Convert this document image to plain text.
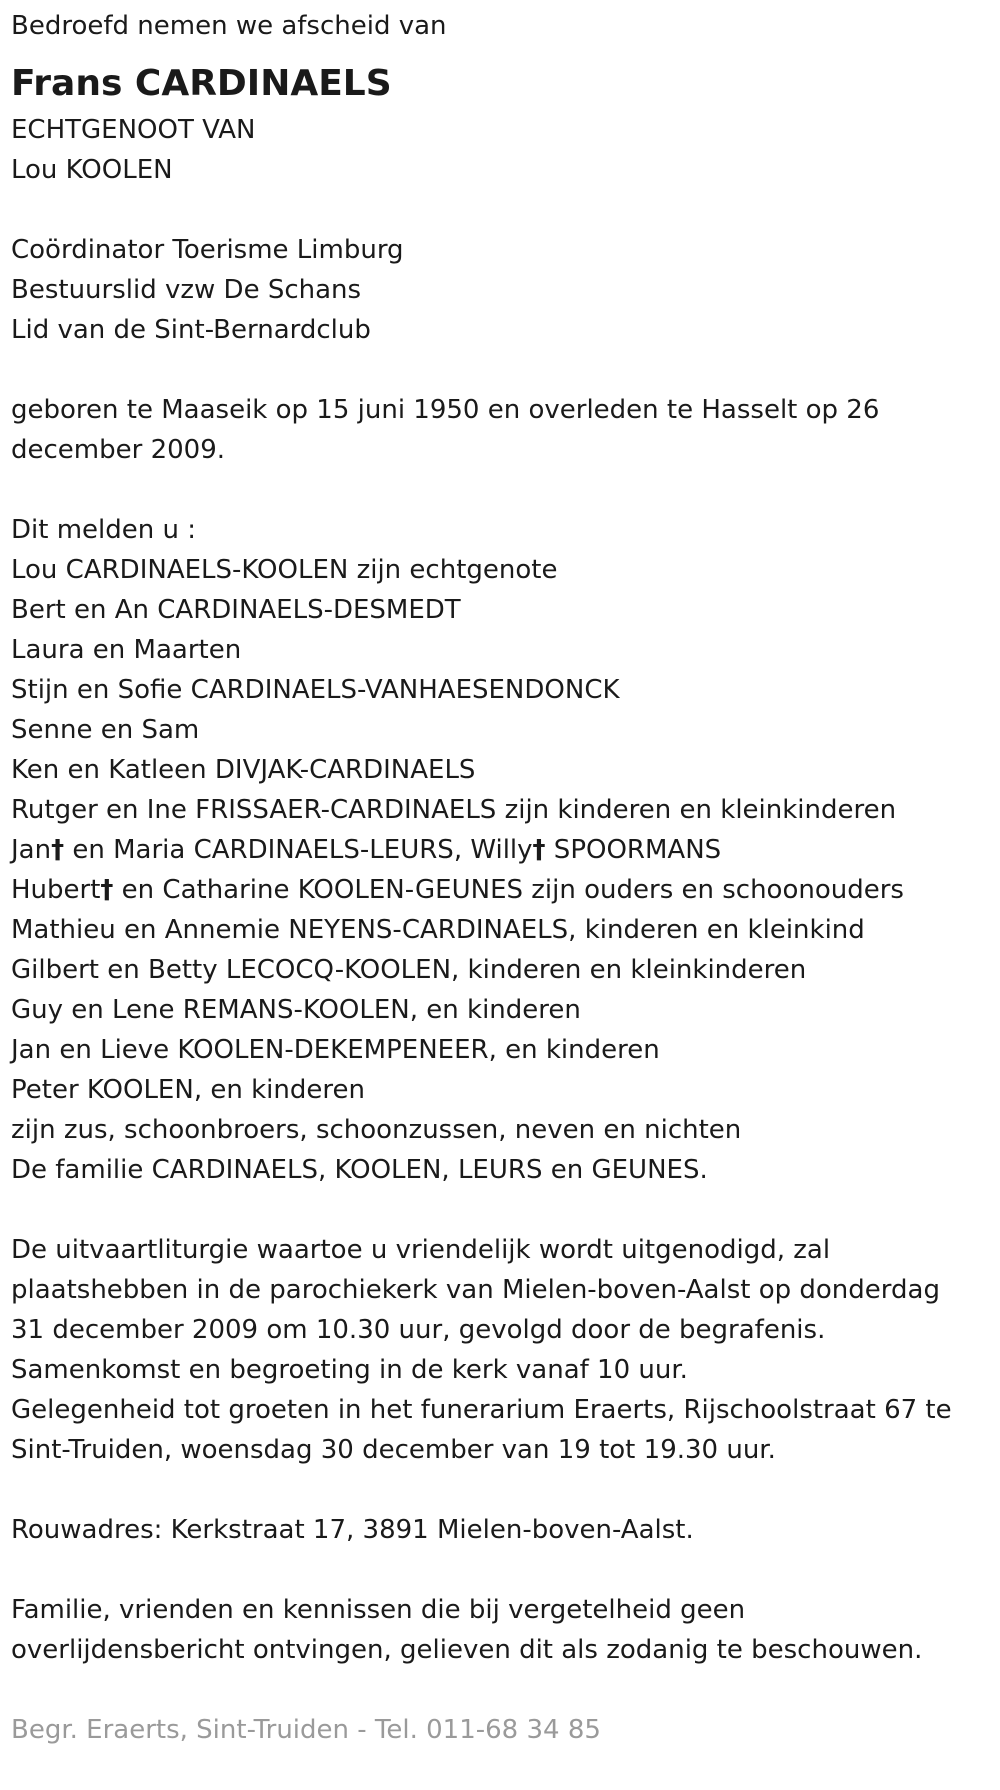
Bedroefd nemen we afscheid van
Frans CARDINAELS
ECHTGENOOT VAN
Lou KOOLEN
Coördinator Toerisme Limburg
Bestuurslid vzw De Schans
Lid van de Sint-Bernardclub
geboren te Maaseik op 15 juni 1950 en overleden te Hasselt op 26 december 2009.
Dit melden u :
Lou CARDINAELS-KOOLEN zijn echtgenote
Bert en An CARDINAELS-DESMEDT
Laura en Maarten
Stijn en Sofie CARDINAELS-VANHAESENDONCK
Senne en Sam
Ken en Katleen DIVJAK-CARDINAELS
Rutger en Ine FRISSAER-CARDINAELS zijn kinderen en kleinkinderen
Jan† en Maria CARDINAELS-LEURS, Willy† SPOORMANS
Hubert† en Catharine KOOLEN-GEUNES zijn ouders en schoonouders
Mathieu en Annemie NEYENS-CARDINAELS, kinderen en kleinkind
Gilbert en Betty LECOCQ-KOOLEN, kinderen en kleinkinderen
Guy en Lene REMANS-KOOLEN, en kinderen
Jan en Lieve KOOLEN-DEKEMPENEER, en kinderen
Peter KOOLEN, en kinderen
zijn zus, schoonbroers, schoonzussen, neven en nichten
De familie CARDINAELS, KOOLEN, LEURS en GEUNES.
De uitvaartliturgie waartoe u vriendelijk wordt uitgenodigd, zal
plaatshebben in de parochiekerk van Mielen-boven-Aalst op donderdag
31 december 2009 om 10.30 uur, gevolgd door de begrafenis.
Samenkomst en begroeting in de kerk vanaf 10 uur.
Gelegenheid tot groeten in het funerarium Eraerts, Rijschoolstraat 67 te
Sint-Truiden, woensdag 30 december van 19 tot 19.30 uur.
Rouwadres: Kerkstraat 17, 3891 Mielen-boven-Aalst.
Familie, vrienden en kennissen die bij vergetelheid geen
overlijdensbericht ontvingen, gelieven dit als zodanig te beschouwen.
Begr. Eraerts, Sint-Truiden - Tel. 011-68 34 85
